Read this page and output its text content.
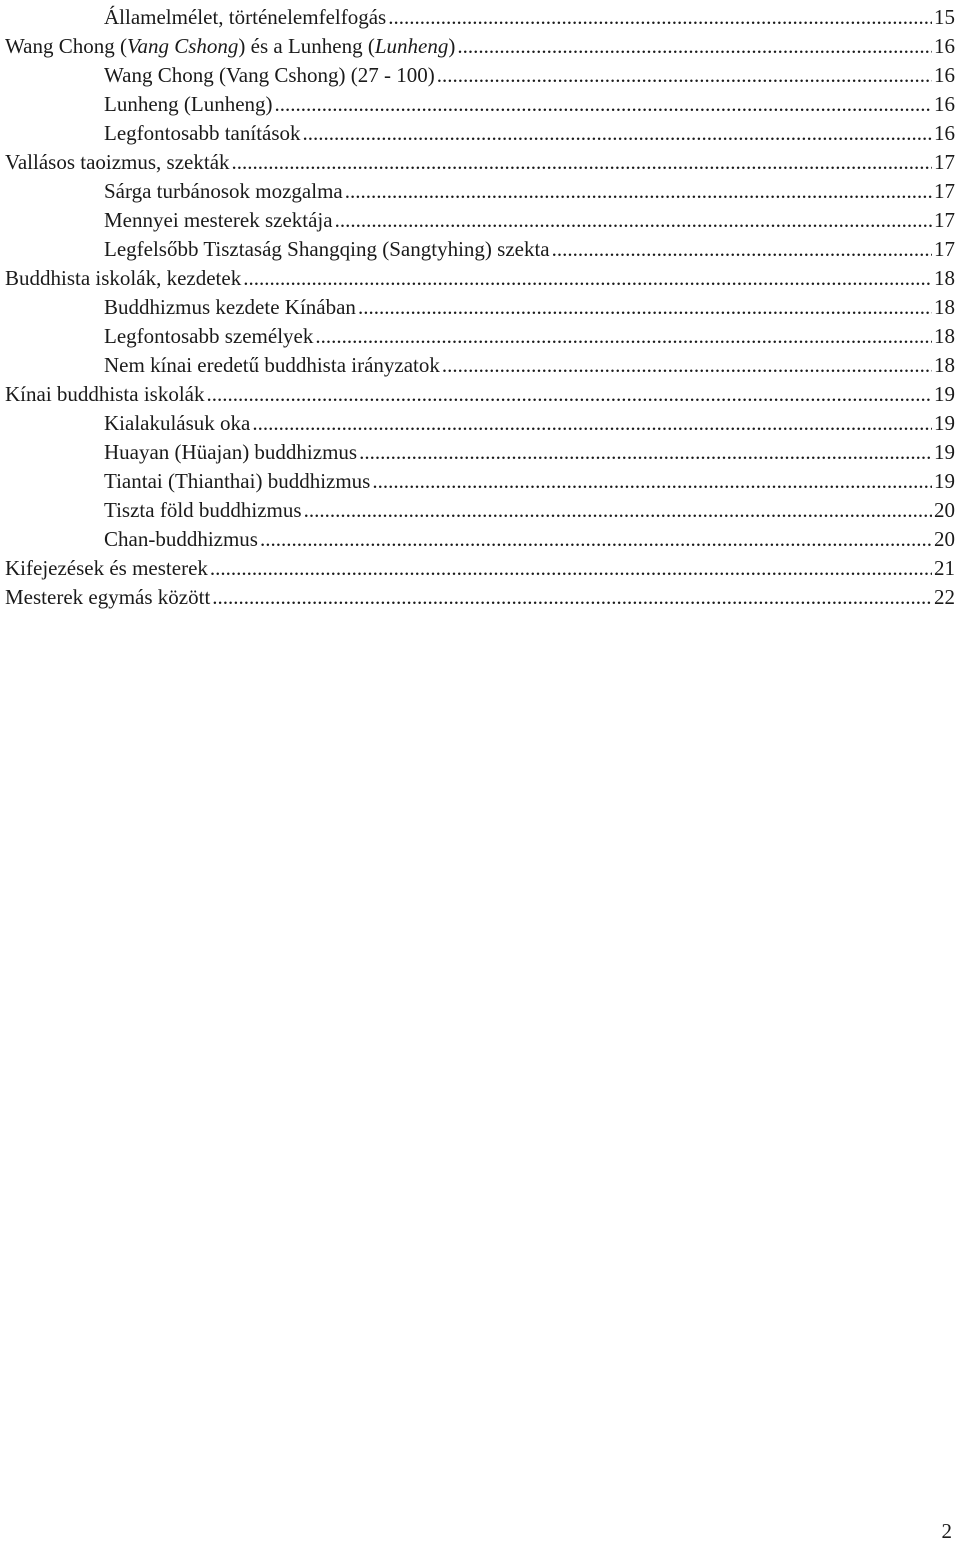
Államelmélet, történelemfelfogás .....	15
Wang Chong (Vang Cshong) és a Lunheng (Lunheng) .....	16
Wang Chong (Vang Cshong) (27 - 100) .....	16
Lunheng (Lunheng) .....	16
Legfontosabb tanítások .....	16
Vallásos taoizmus, szekták .....	17
Sárga turbánosok mozgalma .....	17
Mennyei mesterek szektája .....	17
Legfelsőbb Tisztaság Shangqing (Sangtyhing) szekta .....	17
Buddhista iskolák, kezdetek .....	18
Buddhizmus kezdete Kínában .....	18
Legfontosabb személyek .....	18
Nem kínai eredetű buddhista irányzatok .....	18
Kínai buddhista iskolák .....	19
Kialakulásuk oka .....	19
Huayan (Hüajan) buddhizmus .....	19
Tiantai (Thianthai) buddhizmus .....	19
Tiszta föld buddhizmus .....	20
Chan-buddhizmus .....	20
Kifejezések és mesterek .....	21
Mesterek egymás között .....	22
2
